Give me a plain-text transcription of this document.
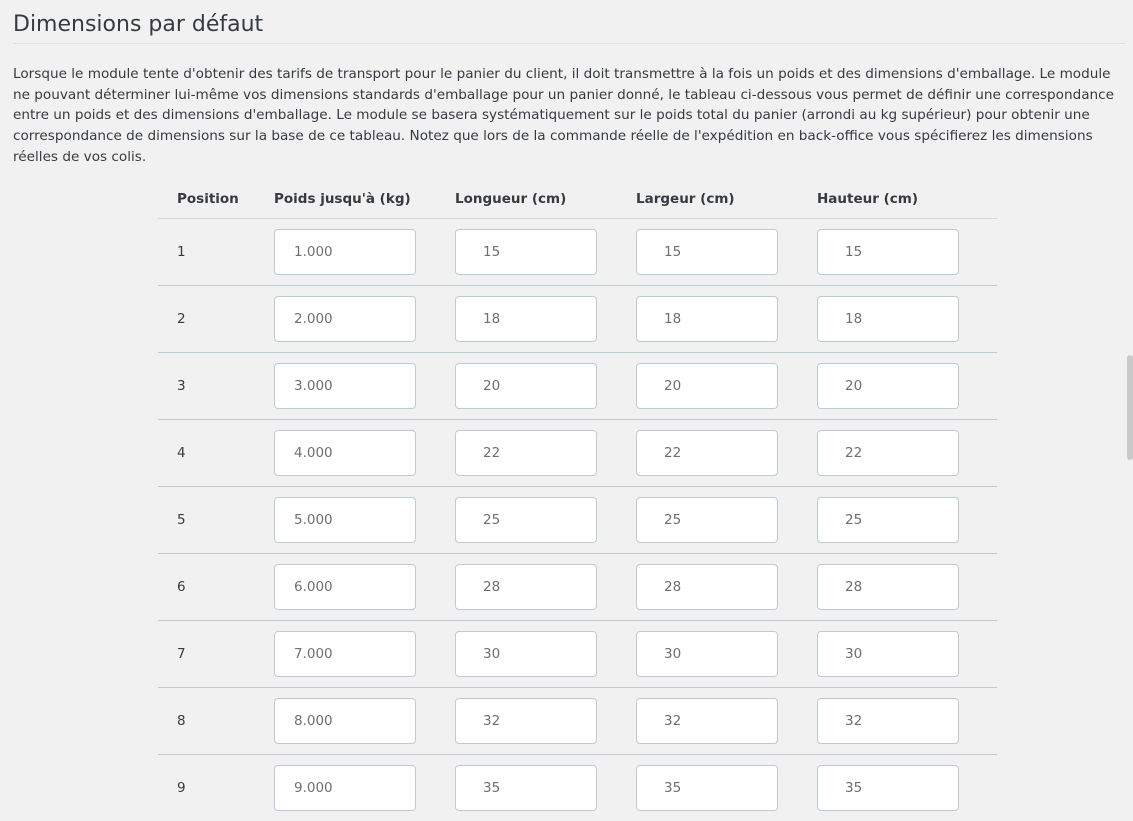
Dimensions par défaut

Lorsque le module tente d'obtenir des tarifs de transport pour le panier du client, il doit transmettre à la fois un poids et des dimensions d'emballage. Le module ne pouvant déterminer lui-même vos dimensions standards d'emballage pour un panier donné, le tableau ci-dessous vous permet de définir une correspondance entre un poids et des dimensions d'emballage. Le module se basera systématiquement sur le poids total du panier (arrondi au kg supérieur) pour obtenir une correspondance de dimensions sur la base de ce tableau. Notez que lors de la commande réelle de l'expédition en back-office vous spécifierez les dimensions réelles de vos colis.

Position	Poids jusqu'à (kg)	Longueur (cm)	Largeur (cm)	Hauteur (cm)
1	1.000	15	15	15
2	2.000	18	18	18
3	3.000	20	20	20
4	4.000	22	22	22
5	5.000	25	25	25
6	6.000	28	28	28
7	7.000	30	30	30
8	8.000	32	32	32
9	9.000	35	35	35
